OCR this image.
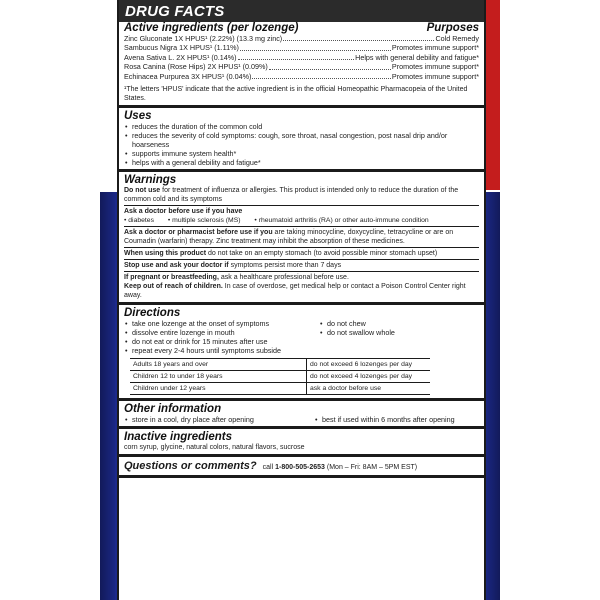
DRUG FACTS
Active ingredients (per lozenge)	Purposes
Zinc Gluconate 1X HPUS¹ (2.22%) (13.3 mg zinc)	Cold Remedy
Sambucus Nigra 1X HPUS¹ (1.11%)	Promotes immune support*
Avena Sativa L. 2X HPUS¹ (0.14%)	Helps with general debility and fatigue*
Rosa Canina (Rose Hips) 2X HPUS¹ (0.09%)	Promotes immune support*
Echinacea Purpurea 3X HPUS¹ (0.04%)	Promotes immune support*
¹The letters 'HPUS' indicate that the active ingredient is in the official Homeopathic Pharmacopeia of the United States.
Uses
• reduces the duration of the common cold
• reduces the severity of cold symptoms: cough, sore throat, nasal congestion, post nasal drip and/or hoarseness
• supports immune system health*
• helps with a general debility and fatigue*
Warnings
Do not use for treatment of influenza or allergies. This product is intended only to reduce the duration of the common cold and its symptoms
Ask a doctor before use if you have
• diabetes • multiple sclerosis (MS) • rheumatoid arthritis (RA) or other auto-immune condition
Ask a doctor or pharmacist before use if you are taking minocycline, doxycycline, tetracycline or are on Coumadin (warfarin) therapy. Zinc treatment may inhibit the absorption of these medicines.
When using this product do not take on an empty stomach (to avoid possible minor stomach upset)
Stop use and ask your doctor if symptoms persist more than 7 days
If pregnant or breastfeeding, ask a healthcare professional before use.
Keep out of reach of children. In case of overdose, get medical help or contact a Poison Control Center right away.
Directions
• take one lozenge at the onset of symptoms
• dissolve entire lozenge in mouth
• do not eat or drink for 15 minutes after use
• repeat every 2-4 hours until symptoms subside
• do not chew
• do not swallow whole
Adults 18 years and over	do not exceed 6 lozenges per day
Children 12 to under 18 years	do not exceed 4 lozenges per day
Children under 12 years	ask a doctor before use
Other information
• store in a cool, dry place after opening	• best if used within 6 months after opening
Inactive ingredients
corn syrup, glycine, natural colors, natural flavors, sucrose
Questions or comments? call 1-800-505-2653 (Mon – Fri: 8AM – 5PM EST)
This product has not been evaluated by the FDA.
*Claims based on traditional homeopathic practice, not accepted medical evidence. Not FDA evaluated.
